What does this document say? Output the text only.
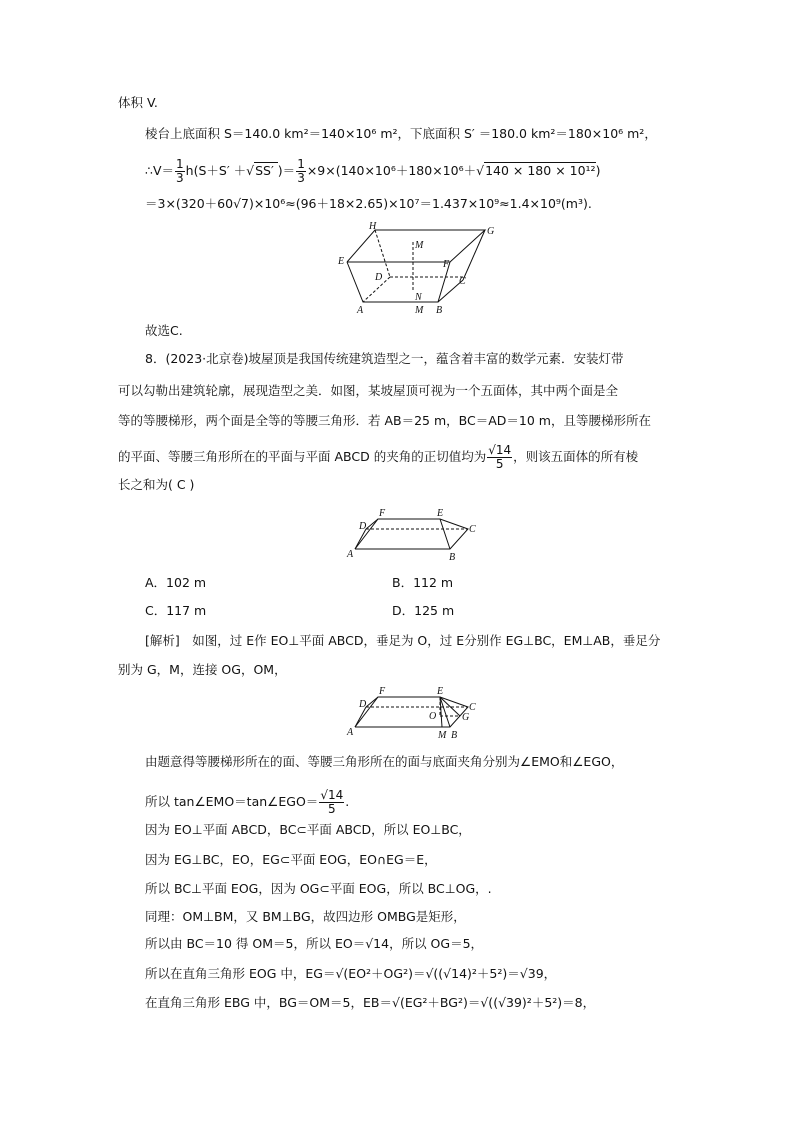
体积 V.
棱台上底面积 S＝140.0 km²＝140×10⁶ m²，下底面积 S′ ＝180.0 km²＝180×10⁶ m²，
∴V＝ $\frac{1}{3} h(S+S' +√SS'$ )＝ $\frac{1}{3} \times 9\times(140\times 10^6+180\times 10^6+√140 \times 180 \times 10^{12})$
＝3×(320＋60√7)×10⁶≈(96＋18×2.65)×10⁷＝1.437×10⁹≈1.4×10⁹(m³).
H
M
G
E
D
F
C
N
A	M B
故选C.
8．(2023·北京卷)坡屋顶是我国传统建筑造型之一，蕴含着丰富的数学元素．安装灯带
可以勾勒出建筑轮廓，展现造型之美．如图，某坡屋顶可视为一个五面体，其中两个面是全
等的等腰梯形，两个面是全等的等腰三角形．若 AB＝25 m，BC＝AD＝10 m，且等腰梯形所在
的平面、等腰三角形所在的平面与平面 ABCD 的夹角的正切值均为 $\frac{√14}{5}$ ，则该五面体的所有棱
长之和为( C )
D
F	E
C
A	B
A．102 m	B．112 m
C．117 m	D．125 m
[解析]　如图，过 E作 EO⊥平面 ABCD，垂足为 O，过 E分别作 EG⊥BC，EM⊥AB，垂足分
别为 G，M，连接 OG，OM，
D
F	E
C
G
O
A	M B
由题意得等腰梯形所在的面、等腰三角形所在的面与底面夹角分别为∠EMO和∠EGO，
所以 tan∠EMO＝tan∠EGO＝ $\frac{√14}{5}$ .
因为 EO⊥平面 ABCD，BC⊂平面 ABCD，所以 EO⊥BC，
因为 EG⊥BC，EO，EG⊂平面 EOG，EO∩EG＝E，
所以 BC⊥平面 EOG，因为 OG⊂平面 EOG，所以 BC⊥OG，.
同理：OM⊥BM，又 BM⊥BG，故四边形 OMBG是矩形，
所以由 BC＝10 得 OM＝5，所以 EO＝√14，所以 OG＝5，
所以在直角三角形 EOG 中，EG＝√(EO²＋OG²)＝√((√14)²＋5²)＝√39，
在直角三角形 EBG 中，BG＝OM＝5，EB＝√(EG²＋BG²)＝√((√39)²＋5²)＝8，
